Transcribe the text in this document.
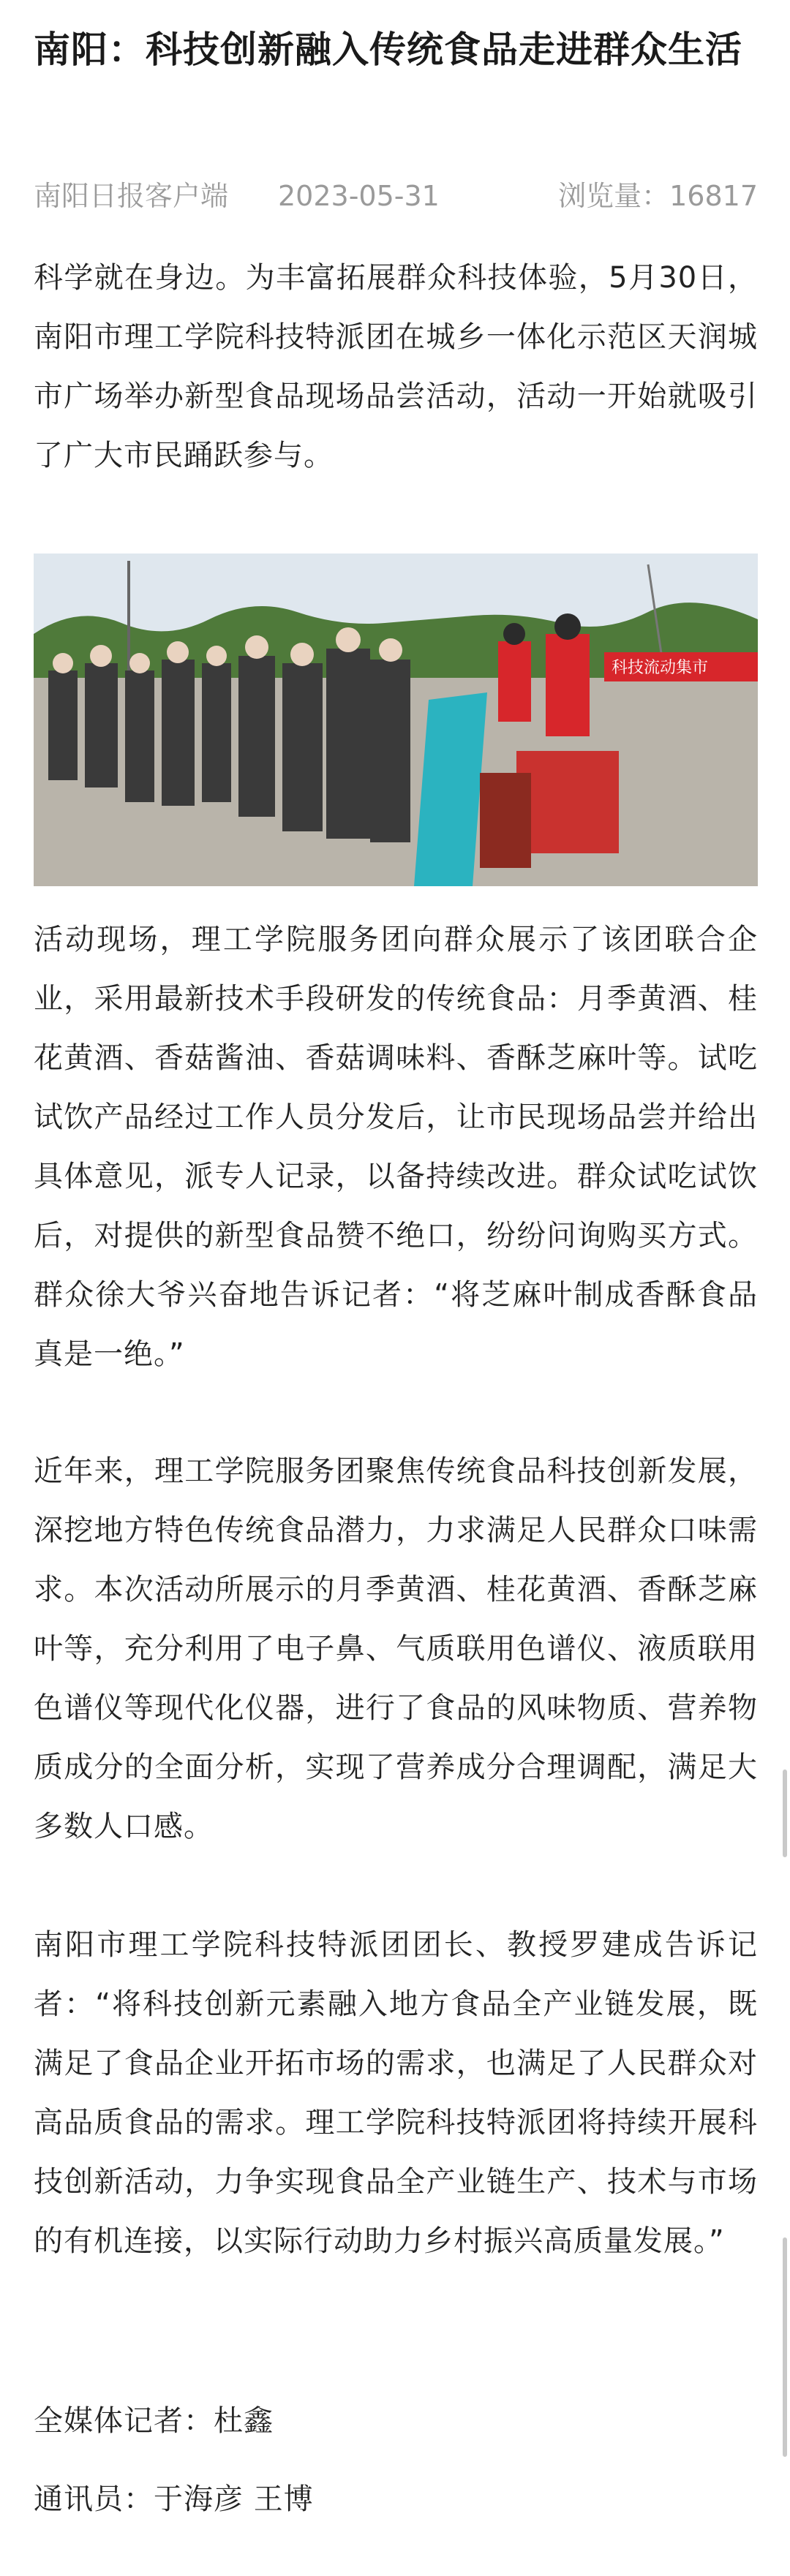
南阳：科技创新融入传统食品走进群众生活
南阳日报客户端 2023-05-31	浏览量：16817
科学就在身边。为丰富拓展群众科技体验，5月30日，南阳市理工学院科技特派团在城乡一体化示范区天润城市广场举办新型食品现场品尝活动，活动一开始就吸引了广大市民踊跃参与。
科技流动集市
活动现场，理工学院服务团向群众展示了该团联合企业，采用最新技术手段研发的传统食品：月季黄酒、桂花黄酒、香菇酱油、香菇调味料、香酥芝麻叶等。试吃试饮产品经过工作人员分发后，让市民现场品尝并给出具体意见，派专人记录，以备持续改进。群众试吃试饮后，对提供的新型食品赞不绝口，纷纷问询购买方式。群众徐大爷兴奋地告诉记者：“将芝麻叶制成香酥食品真是一绝。”
近年来，理工学院服务团聚焦传统食品科技创新发展，深挖地方特色传统食品潜力，力求满足人民群众口味需求。本次活动所展示的月季黄酒、桂花黄酒、香酥芝麻叶等，充分利用了电子鼻、气质联用色谱仪、液质联用色谱仪等现代化仪器，进行了食品的风味物质、营养物质成分的全面分析，实现了营养成分合理调配，满足大多数人口感。
南阳市理工学院科技特派团团长、教授罗建成告诉记者：“将科技创新元素融入地方食品全产业链发展，既满足了食品企业开拓市场的需求，也满足了人民群众对高品质食品的需求。理工学院科技特派团将持续开展科技创新活动，力争实现食品全产业链生产、技术与市场的有机连接，以实际行动助力乡村振兴高质量发展。”
全媒体记者：杜鑫
通讯员：于海彦 王博
